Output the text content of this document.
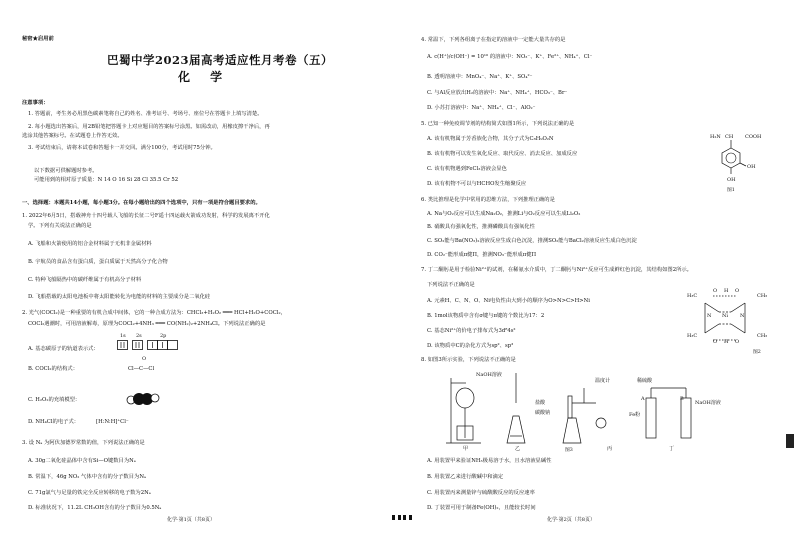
秘密★启用前
巴蜀中学2023届高考适应性月考卷（五）
化 学
注意事项：
1. 答题前，考生务必用黑色碳素笔将自己的姓名、准考证号、考场号、座位号在答题卡上填写清楚。
2. 每小题选出答案后，用2B铅笔把答题卡上对应题目的答案标号涂黑。如需改动，用橡皮擦干净后，再
选涂其他答案标号。在试题卷上作答无效。
3. 考试结束后，请将本试卷和答题卡一并交回。满分100分，考试用时75分钟。
以下数据可供解题时参考。
可能用到的相对原子质量：N 14 O 16 Si 28 Cl 35.5 Cr 52
一、选择题：本题共14小题，每小题3分。在每小题给出的四个选项中，只有一项是符合题目要求的。
1. 2022年6月5日，搭载神舟十四号载人飞船的长征二号F遥十四运载火箭成功发射，科学的发展离不开化
学。下列有关说法正确的是
A. 飞船和火箭使用的铝合金材料属于无机非金属材料
B. 宇航员的食品含有蛋白质，蛋白质属于天然高分子化合物
C. 特种飞船隔热中的碳纤维属于有机高分子材料
D. 飞船搭载的太阳电池板中将太阳能转化为电能的材料的主要成分是二氧化硅
2. 光气(COCl₂)是一种重要的有机合成中间体，它的一种合成方法为：CHCl₃+H₂O₂ ═══ HCl+H₂O+COCl₂，
COCl₂遇潮时，可用溶液解毒，原理为COCl₂+4NH₃ ═══ CO(NH₂)₂+2NH₄Cl。下列说法正确的是
1s 2s	2p
A. 基态碳原子的轨道表示式：
O
B. COCl₂的结构式：	Cl—C—Cl
C. H₂O₂的充填模型：
D. NH₄Cl的电子式：	[H:N:H]⁺Cl⁻
3. 设 Nₐ 为阿伏加德罗常数的值，下列说法正确的是
A. 30g二氧化硅晶体中含有Si—O键数目为Nₐ
B. 常温下，46g NO₂ 气体中含有的分子数目为Nₐ
C. 71g氯气与足量的铁完全反应转移的电子数为2Nₐ
D. 标准状况下，11.2L CH₃OH含有的分子数目为0.5Nₐ
化学·第1页（共8页）
4. 常温下，下列各组离子在指定的溶液中一定能大量共存的是
A. c(H⁺)/c(OH⁻) = 10¹⁰ 的溶液中：NO₃⁻、K⁺、Fe²⁺、NH₄⁺、Cl⁻
B. 透明溶液中：MnO₄⁻、Na⁺、K⁺、SO₄²⁻
C. 与Al反应放出H₂的溶液中：Na⁺、NH₄⁺、HCO₃⁻、Br⁻
D. 小苏打溶液中：Na⁺、NH₄⁺、Cl⁻、AlO₂⁻
5. 已知一种免疫调节剂的结构简式如图1所示，下列说法正确的是
A. 该有机物属于芳香族化合物，其分子式为C₈H₉O₂N
B. 该有机物可以发生氧化反应、取代反应、消去反应、加成反应
C. 该有机物遇到FeCl₃溶液会显色
D. 该有机物不可以与HCHO发生缩聚反应
H₂N CH COOH
OH
OH
图1
6. 类比推理是化学中常用的思维方法，下列推理正确的是
A. Na与O₂反应可以生成Na₂O₂，推测Li与O₂反应可以生成Li₂O₂
B. 硝酸具有强氧化性，推测磷酸具有强氧化性
C. SO₂能与Ba(NO₃)₂溶液反应生成白色沉淀，推测SO₂能与BaCl₂溶液反应生成白色沉淀
D. CO₂⁻能形成π健Π，推测NO₃⁻能形成π健Π
7. 丁二酮肟是用于检验Ni²⁺的试剂，在稀氨水介质中，丁二酮肟与Ni²⁺反应可生成鲜红色沉淀，其结构如图2所示。
下列说法不正确的是
A. 元素H、C、N、O、Ni电负性由大到小的顺序为O>N>C>H>Ni
B. 1mol该物质中含有σ键与π键的个数比为17：2
C. 基态Ni²⁺的价电子排布式为3d⁸4s²
D. 该物质中C的杂化方式为sp²、sp³
H₃C
O H O
CH₃
N Ni N
H₃C
O H O
CH₃
图2
8. 如图3所示实验，下列说法不正确的是
NaOH溶液
盐酸
碳酸钠
温度计	稀硫酸
Fe粉
NaOH溶液
A	B
甲	乙	丙	丁
图3
A. 用装置甲来验证NH₃极易溶于水，且水溶液显碱性
B. 用装置乙来进行酸碱中和滴定
C. 用装置丙来测量锌与硫酸酸反应的反应速率
D. 丁装置可用于制备Fe(OH)₂，且能较长时间
化学·第2页（共8页）
